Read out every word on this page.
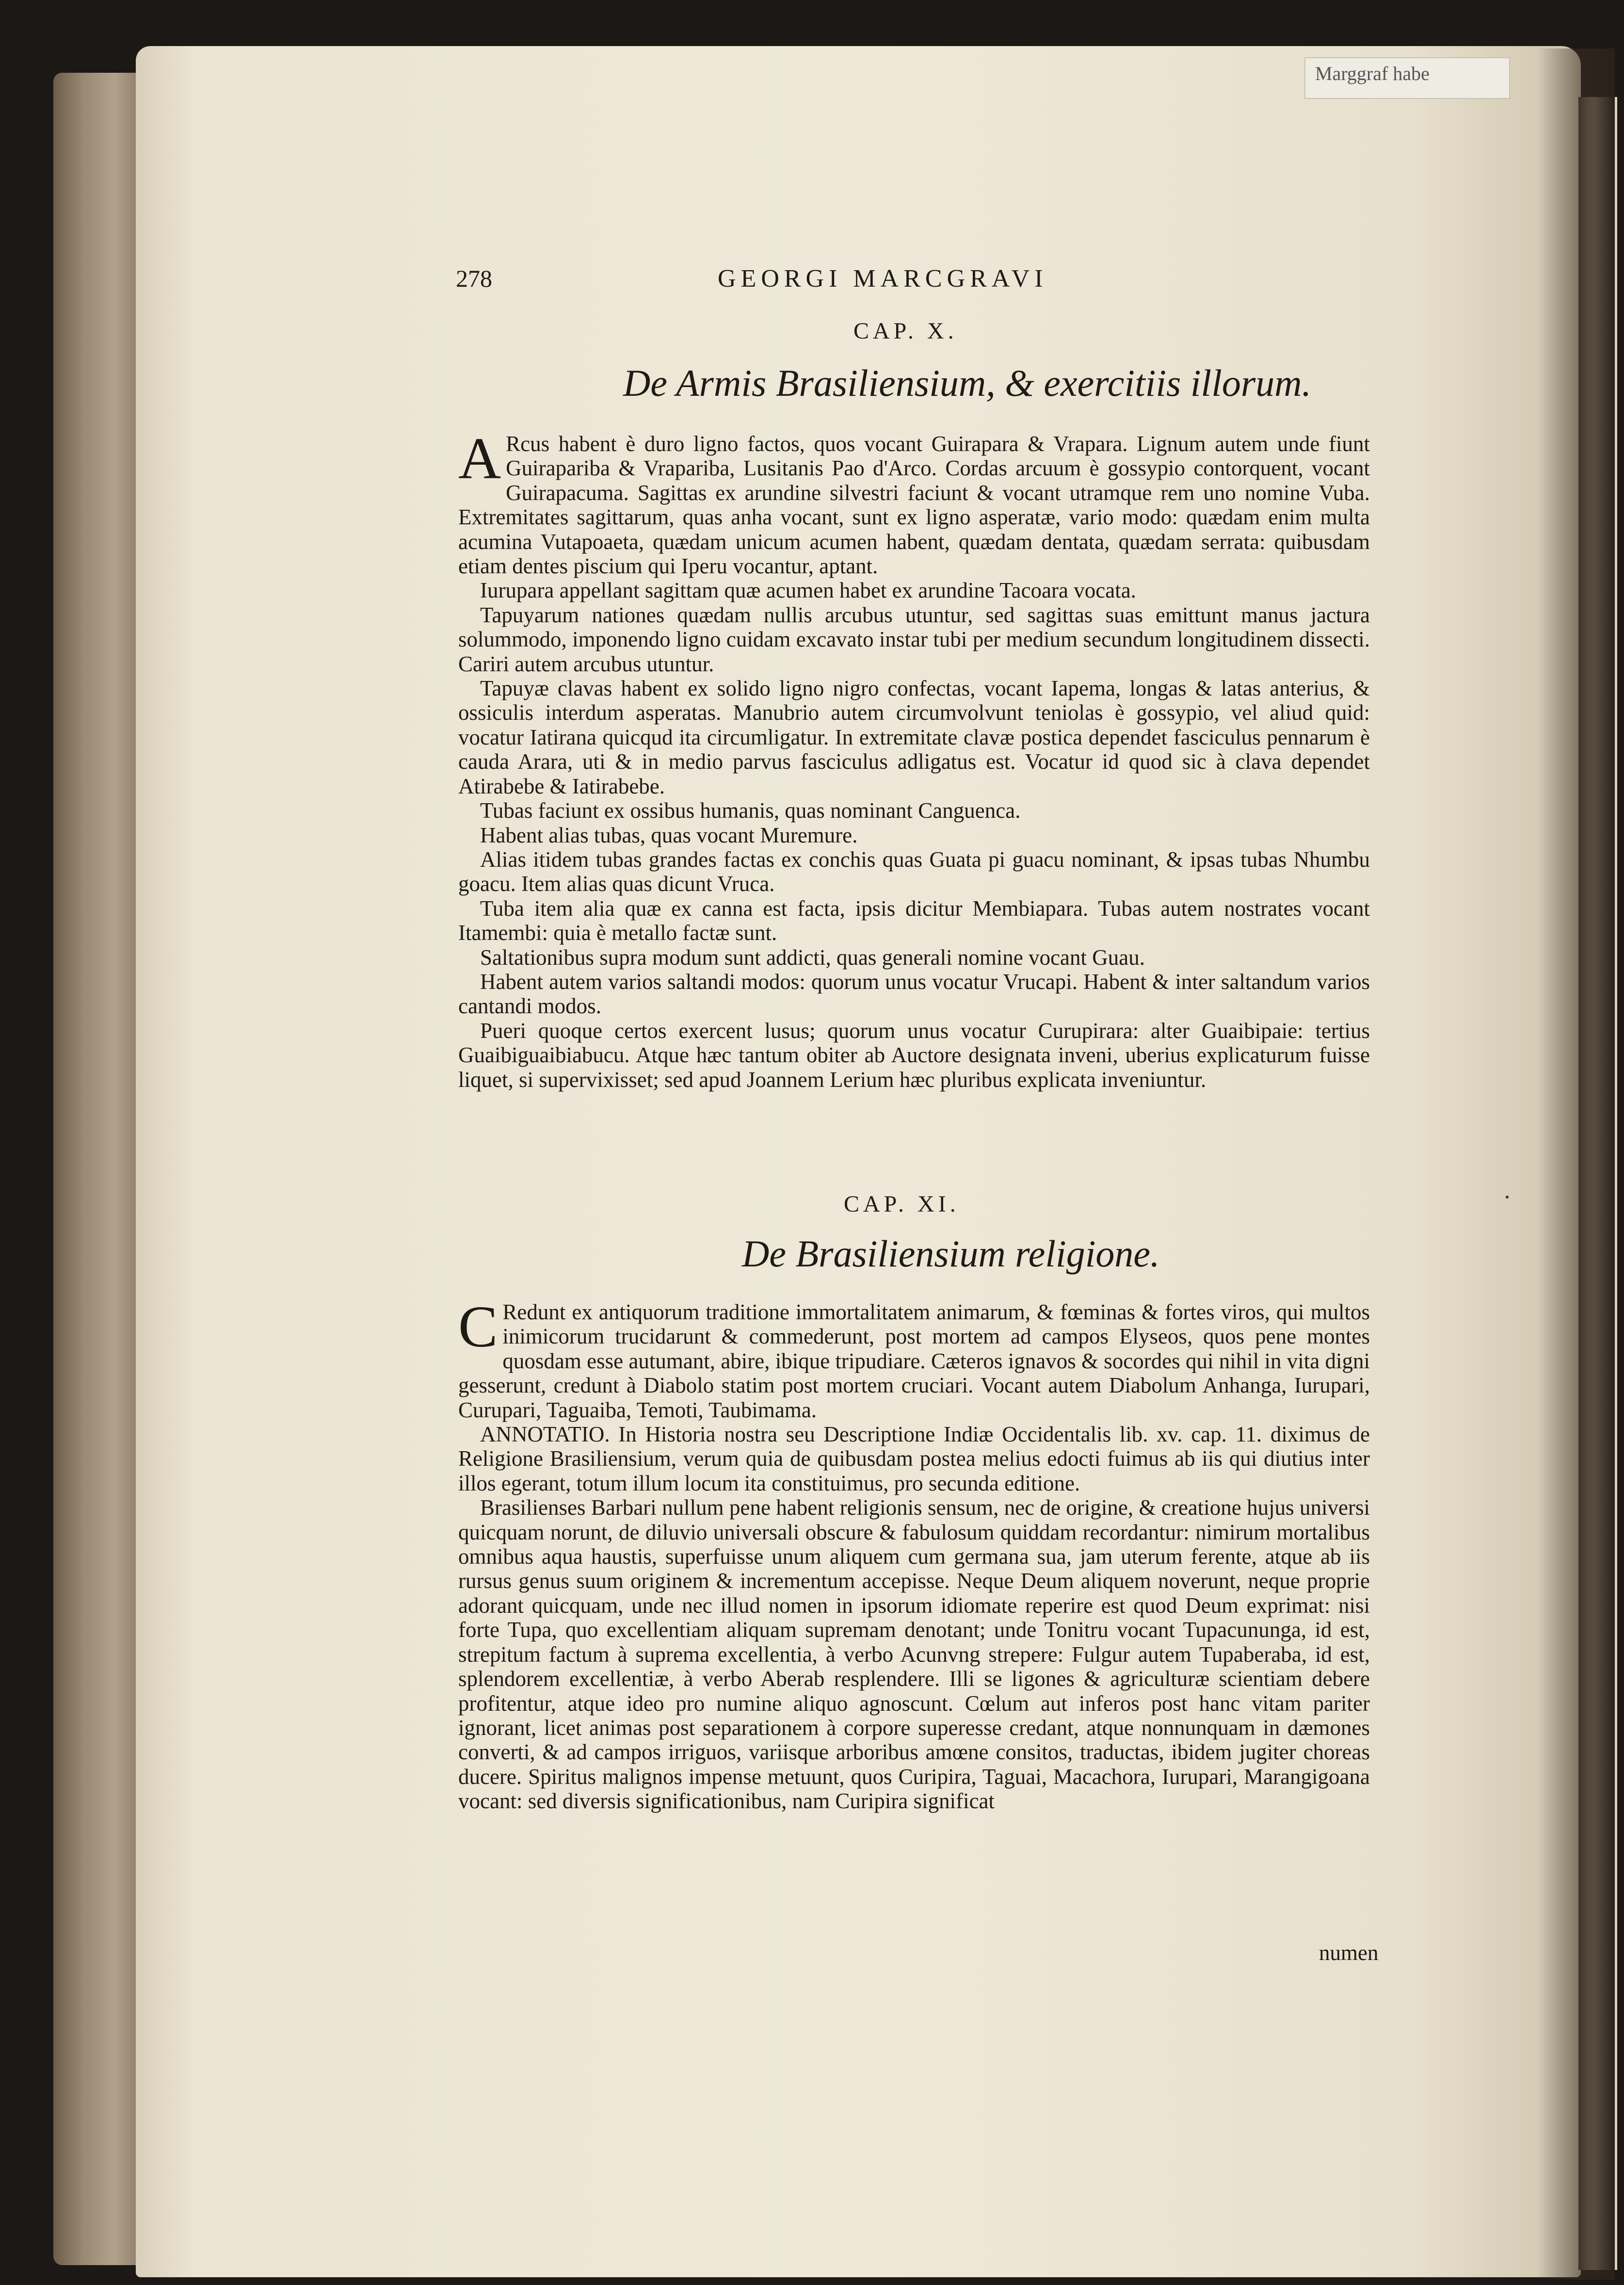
Marggraf habe
278	GEORGI MARCGRAVI
CAP. X.
De Armis Brasiliensium, & exercitiis illorum.

A Rcus habent è duro ligno factos, quos vocant Guirapara & Vrapara. Lignum autem unde fiunt Guirapariba & Vrapariba, Lusitanis Pao d'Arco. Cordas arcuum è gossypio contorquent, vocant Guirapacuma. Sagittas ex arundine silvestri faciunt & vocant utramque rem uno nomine Vuba. Extremitates sagittarum, quas anha vocant, sunt ex ligno asperatæ, vario modo: quædam enim multa acumina Vutapoaeta, quædam unicum acumen habent, quædam dentata, quædam serrata: quibusdam etiam dentes piscium qui Iperu vocantur, aptant.

Iurupara appellant sagittam quæ acumen habet ex arundine Tacoara vocata.

Tapuyarum nationes quædam nullis arcubus utuntur, sed sagittas suas emittunt manus jactura solummodo, imponendo ligno cuidam excavato instar tubi per medium secundum longitudinem dissecti. Cariri autem arcubus utuntur.

Tapuyæ clavas habent ex solido ligno nigro confectas, vocant Iapema, longas & latas anterius, & ossiculis interdum asperatas. Manubrio autem circumvolvunt teniolas è gossypio, vel aliud quid: vocatur Iatirana quicqud ita circumligatur. In extremitate clavæ postica dependet fasciculus pennarum è cauda Arara, uti & in medio parvus fasciculus adligatus est. Vocatur id quod sic à clava dependet Atirabebe & Iatirabebe.

Tubas faciunt ex ossibus humanis, quas nominant Canguenca.

Habent alias tubas, quas vocant Muremure.

Alias itidem tubas grandes factas ex conchis quas Guata pi guacu nominant, & ipsas tubas Nhumbu goacu. Item alias quas dicunt Vruca.

Tuba item alia quæ ex canna est facta, ipsis dicitur Membiapara. Tubas autem nostrates vocant Itamembi: quia è metallo factæ sunt.

Saltationibus supra modum sunt addicti, quas generali nomine vocant Guau.

Habent autem varios saltandi modos: quorum unus vocatur Vrucapi. Habent & inter saltandum varios cantandi modos.

Pueri quoque certos exercent lusus; quorum unus vocatur Curupirara: alter Guaibipaie: tertius Guaibiguaibiabucu. Atque hæc tantum obiter ab Auctore designata inveni, uberius explicaturum fuisse liquet, si supervixisset; sed apud Joannem Lerium hæc pluribus explicata inveniuntur.

CAP. XI.
De Brasiliensium religione.

C Redunt ex antiquorum traditione immortalitatem animarum, & fœminas & fortes viros, qui multos inimicorum trucidarunt & commederunt, post mortem ad campos Elyseos, quos pene montes quosdam esse autumant, abire, ibique tripudiare. Cæteros ignavos & socordes qui nihil in vita digni gesserunt, credunt à Diabolo statim post mortem cruciari. Vocant autem Diabolum Anhanga, Iurupari, Curupari, Taguaiba, Temoti, Taubimama.

ANNOTATIO. In Historia nostra seu Descriptione Indiæ Occidentalis lib. xv. cap. 11. diximus de Religione Brasiliensium, verum quia de quibusdam postea melius edocti fuimus ab iis qui diutius inter illos egerant, totum illum locum ita constituimus, pro secunda editione.

Brasilienses Barbari nullum pene habent religionis sensum, nec de origine, & creatione hujus universi quicquam norunt, de diluvio universali obscure & fabulosum quiddam recordantur: nimirum mortalibus omnibus aqua haustis, superfuisse unum aliquem cum germana sua, jam uterum ferente, atque ab iis rursus genus suum originem & incrementum accepisse. Neque Deum aliquem noverunt, neque proprie adorant quicquam, unde nec illud nomen in ipsorum idiomate reperire est quod Deum exprimat: nisi forte Tupa, quo excellentiam aliquam supremam denotant; unde Tonitru vocant Tupacununga, id est, strepitum factum à suprema excellentia, à verbo Acunvng strepere: Fulgur autem Tupaberaba, id est, splendorem excellentiæ, à verbo Aberab resplendere. Illi se ligones & agriculturæ scientiam debere profitentur, atque ideo pro numine aliquo agnoscunt. Cœlum aut inferos post hanc vitam pariter ignorant, licet animas post separationem à corpore superesse credant, atque nonnunquam in dæmones converti, & ad campos irriguos, variisque arboribus amœne consitos, traductas, ibidem jugiter choreas ducere. Spiritus malignos impense metuunt, quos Curipira, Taguai, Macachora, Iurupari, Marangigoana vocant: sed diversis significationibus, nam Curipira significat

numen
